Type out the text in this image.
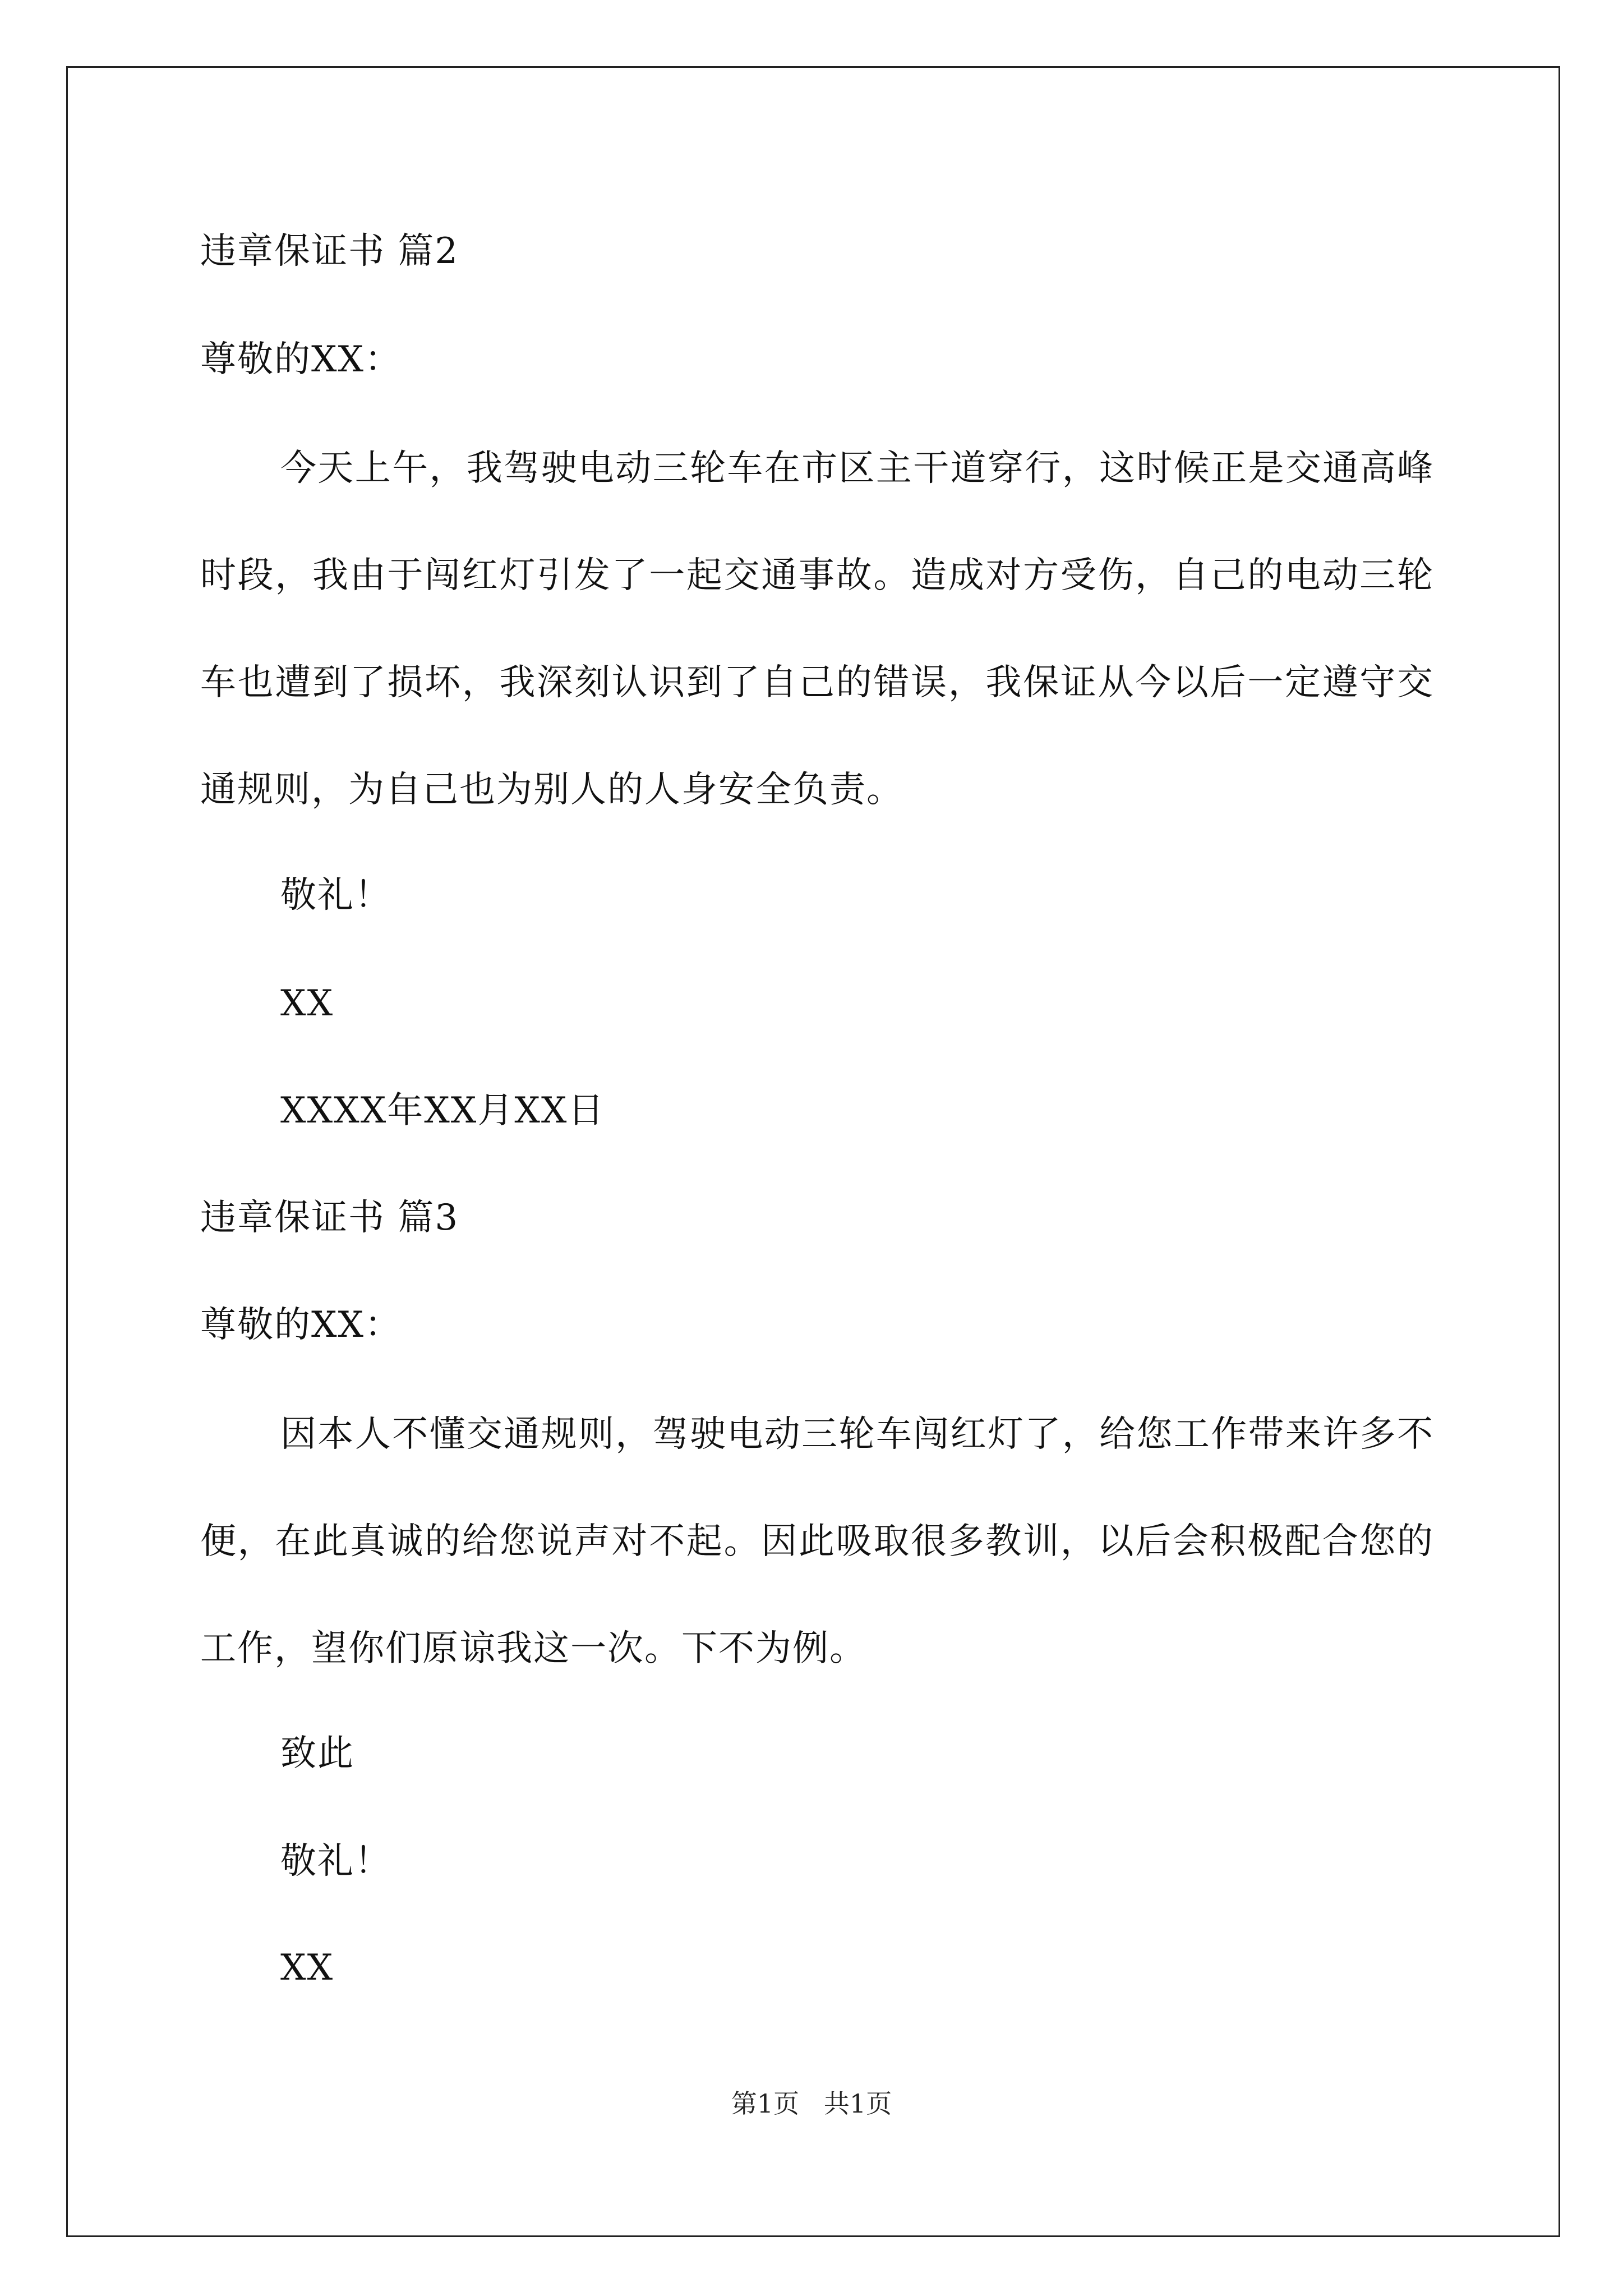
违章保证书 篇2
尊敬的XX：
今天上午，我驾驶电动三轮车在市区主干道穿行，这时候正是交通高峰时段，我由于闯红灯引发了一起交通事故。造成对方受伤，自己的电动三轮车也遭到了损坏，我深刻认识到了自己的错误，我保证从今以后一定遵守交通规则，为自己也为别人的人身安全负责。
敬礼！
XX
XXXX年XX月XX日
违章保证书 篇3
尊敬的XX：
因本人不懂交通规则，驾驶电动三轮车闯红灯了，给您工作带来许多不便，在此真诚的给您说声对不起。因此吸取很多教训，以后会积极配合您的工作，望你们原谅我这一次。下不为例。
致此
敬礼！
XX
第1页   共1页
